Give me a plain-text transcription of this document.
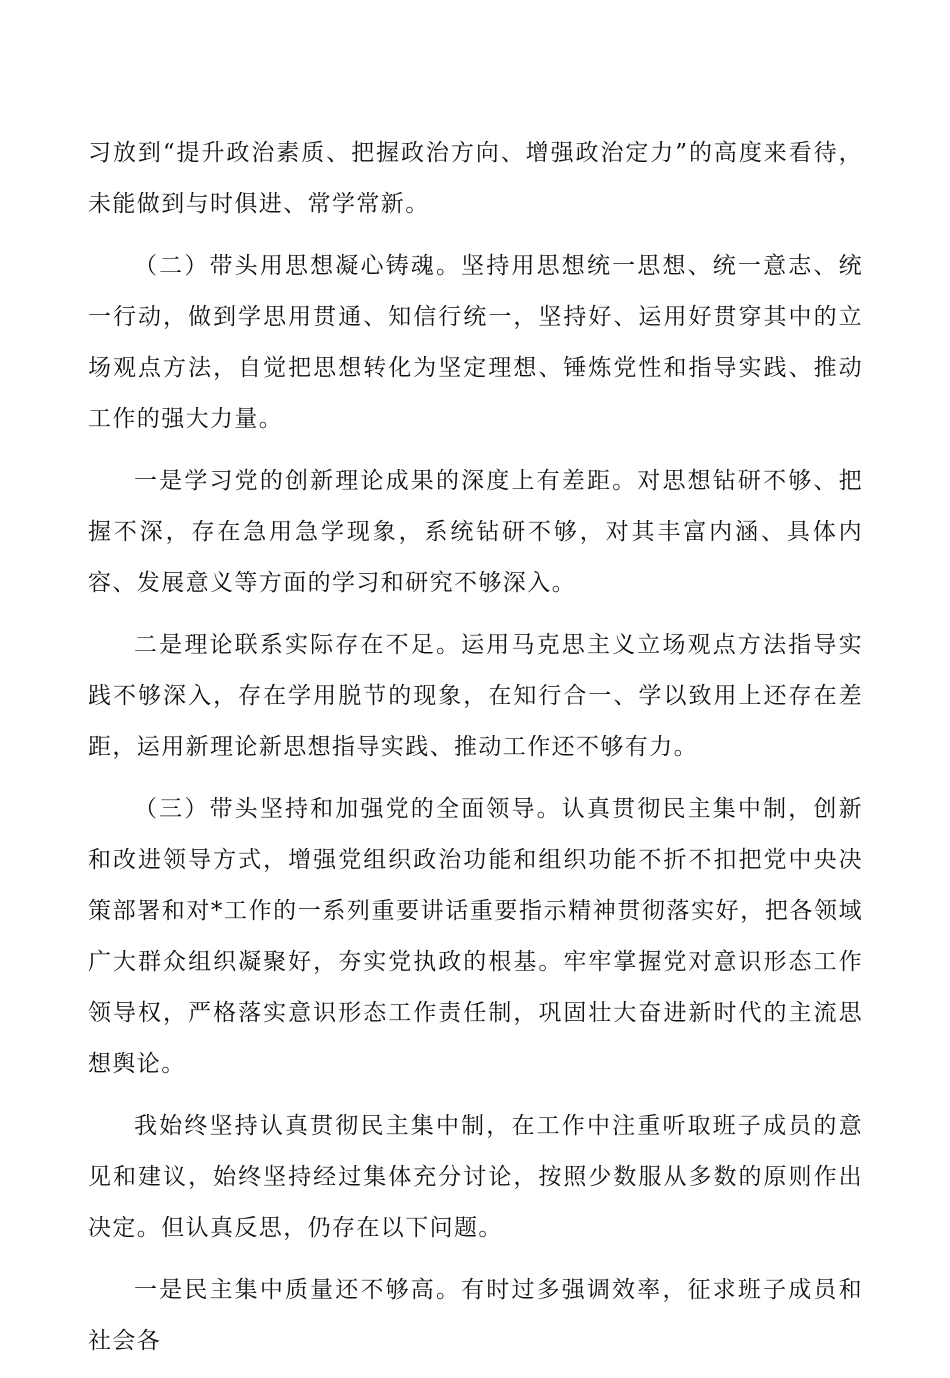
习放到“提升政治素质、把握政治方向、增强政治定力”的高度来看待，未能做到与时俱进、常学常新。

（二）带头用思想凝心铸魂。坚持用思想统一思想、统一意志、统一行动，做到学思用贯通、知信行统一，坚持好、运用好贯穿其中的立场观点方法，自觉把思想转化为坚定理想、锤炼党性和指导实践、推动工作的强大力量。

一是学习党的创新理论成果的深度上有差距。对思想钻研不够、把握不深，存在急用急学现象，系统钻研不够，对其丰富内涵、具体内容、发展意义等方面的学习和研究不够深入。

二是理论联系实际存在不足。运用马克思主义立场观点方法指导实践不够深入，存在学用脱节的现象，在知行合一、学以致用上还存在差距，运用新理论新思想指导实践、推动工作还不够有力。

（三）带头坚持和加强党的全面领导。认真贯彻民主集中制，创新和改进领导方式，增强党组织政治功能和组织功能不折不扣把党中央决策部署和对*工作的一系列重要讲话重要指示精神贯彻落实好，把各领域广大群众组织凝聚好，夯实党执政的根基。牢牢掌握党对意识形态工作领导权，严格落实意识形态工作责任制，巩固壮大奋进新时代的主流思想舆论。

我始终坚持认真贯彻民主集中制，在工作中注重听取班子成员的意见和建议，始终坚持经过集体充分讨论，按照少数服从多数的原则作出决定。但认真反思，仍存在以下问题。

一是民主集中质量还不够高。有时过多强调效率，征求班子成员和社会各
